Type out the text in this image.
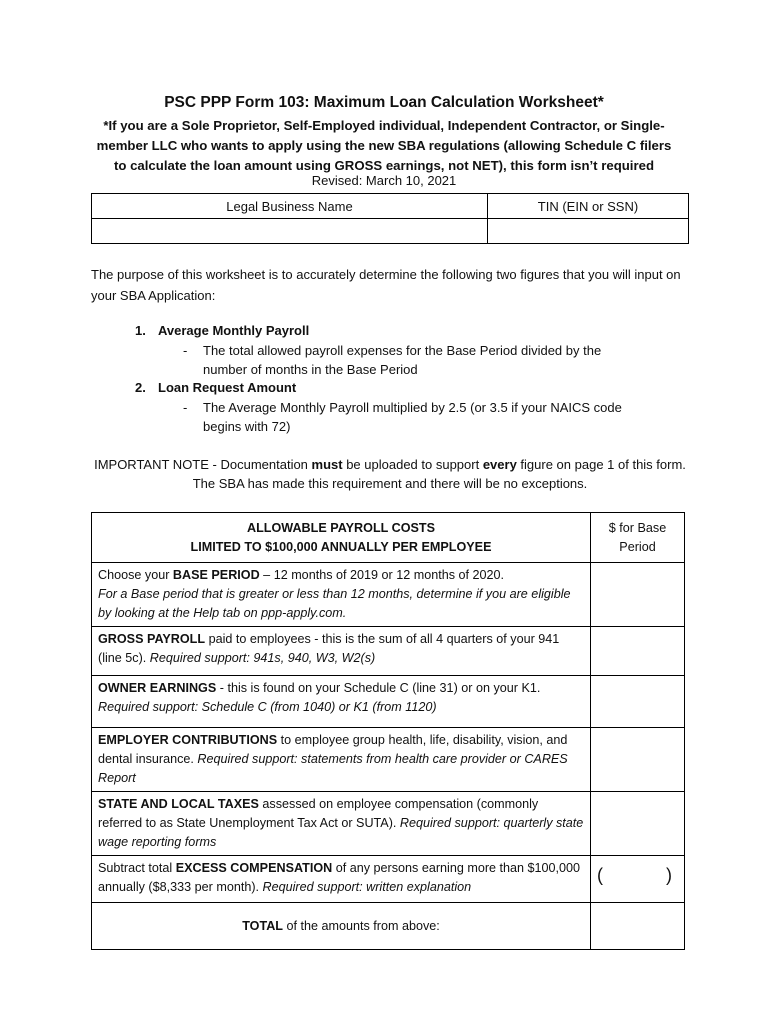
PSC PPP Form 103: Maximum Loan Calculation Worksheet*
*If you are a Sole Proprietor, Self-Employed individual, Independent Contractor, or Single-member LLC who wants to apply using the new SBA regulations (allowing Schedule C filers to calculate the loan amount using GROSS earnings, not NET), this form isn’t required
Revised: March 10, 2021
Legal Business Name	TIN (EIN or SSN)

The purpose of this worksheet is to accurately determine the following two figures that you will input on your SBA Application:
1. Average Monthly Payroll
- The total allowed payroll expenses for the Base Period divided by the number of months in the Base Period
2. Loan Request Amount
- The Average Monthly Payroll multiplied by 2.5 (or 3.5 if your NAICS code begins with 72)
IMPORTANT NOTE - Documentation must be uploaded to support every figure on page 1 of this form. The SBA has made this requirement and there will be no exceptions.
ALLOWABLE PAYROLL COSTS
LIMITED TO $100,000 ANNUALLY PER EMPLOYEE	$ for Base Period
Choose your BASE PERIOD – 12 months of 2019 or 12 months of 2020.
For a Base period that is greater or less than 12 months, determine if you are eligible by looking at the Help tab on ppp-apply.com.	
GROSS PAYROLL paid to employees - this is the sum of all 4 quarters of your 941 (line 5c). Required support: 941s, 940, W3, W2(s)	
OWNER EARNINGS - this is found on your Schedule C (line 31) or on your K1.
Required support: Schedule C (from 1040) or K1 (from 1120)	
EMPLOYER CONTRIBUTIONS to employee group health, life, disability, vision, and dental insurance. Required support: statements from health care provider or CARES Report	
STATE AND LOCAL TAXES assessed on employee compensation (commonly referred to as State Unemployment Tax Act or SUTA). Required support: quarterly state wage reporting forms	
Subtract total EXCESS COMPENSATION of any persons earning more than $100,000 annually ($8,333 per month). Required support: written explanation	( )

TOTAL of the amounts from above:	
